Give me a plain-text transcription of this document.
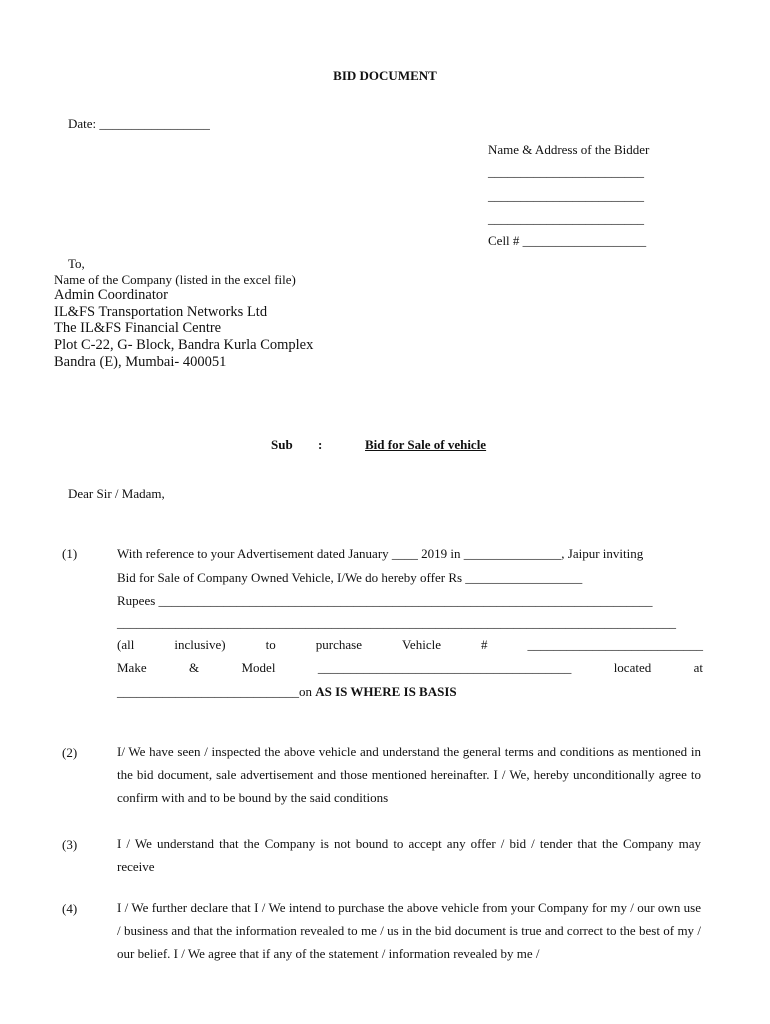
BID DOCUMENT
Date: _________________
Name & Address of the Bidder
________________________
________________________
________________________
Cell # ___________________
To,
Name of the Company (listed in the excel file)
Admin Coordinator
IL&FS Transportation Networks Ltd
The IL&FS Financial Centre
Plot C-22, G- Block, Bandra Kurla Complex
Bandra (E), Mumbai- 400051
Sub :	Bid for Sale of vehicle
Dear Sir / Madam,
(1)	With reference to your Advertisement dated January ____ 2019 in _______________, Jaipur inviting
Bid for Sale of Company Owned Vehicle, I/We do hereby offer Rs __________________
Rupees ____________________________________________________________________________
______________________________________________________________________________________
(all	inclusive)	to	purchase	Vehicle	#	___________________________
Make	&	Model	_______________________________________	located	at
____________________________on AS IS WHERE IS BASIS
(2)	I/ We have seen / inspected the above vehicle and understand the general terms and conditions as mentioned in the bid document, sale advertisement and those mentioned hereinafter. I / We, hereby unconditionally agree to confirm with and to be bound by the said conditions
(3)	I / We understand that the Company is not bound to accept any offer / bid / tender that the Company may receive
(4)	I / We further declare that I / We intend to purchase the above vehicle from your Company for my / our own use / business and that the information revealed to me / us in the bid document is true and correct to the best of my / our belief. I / We agree that if any of the statement / information revealed by me /
